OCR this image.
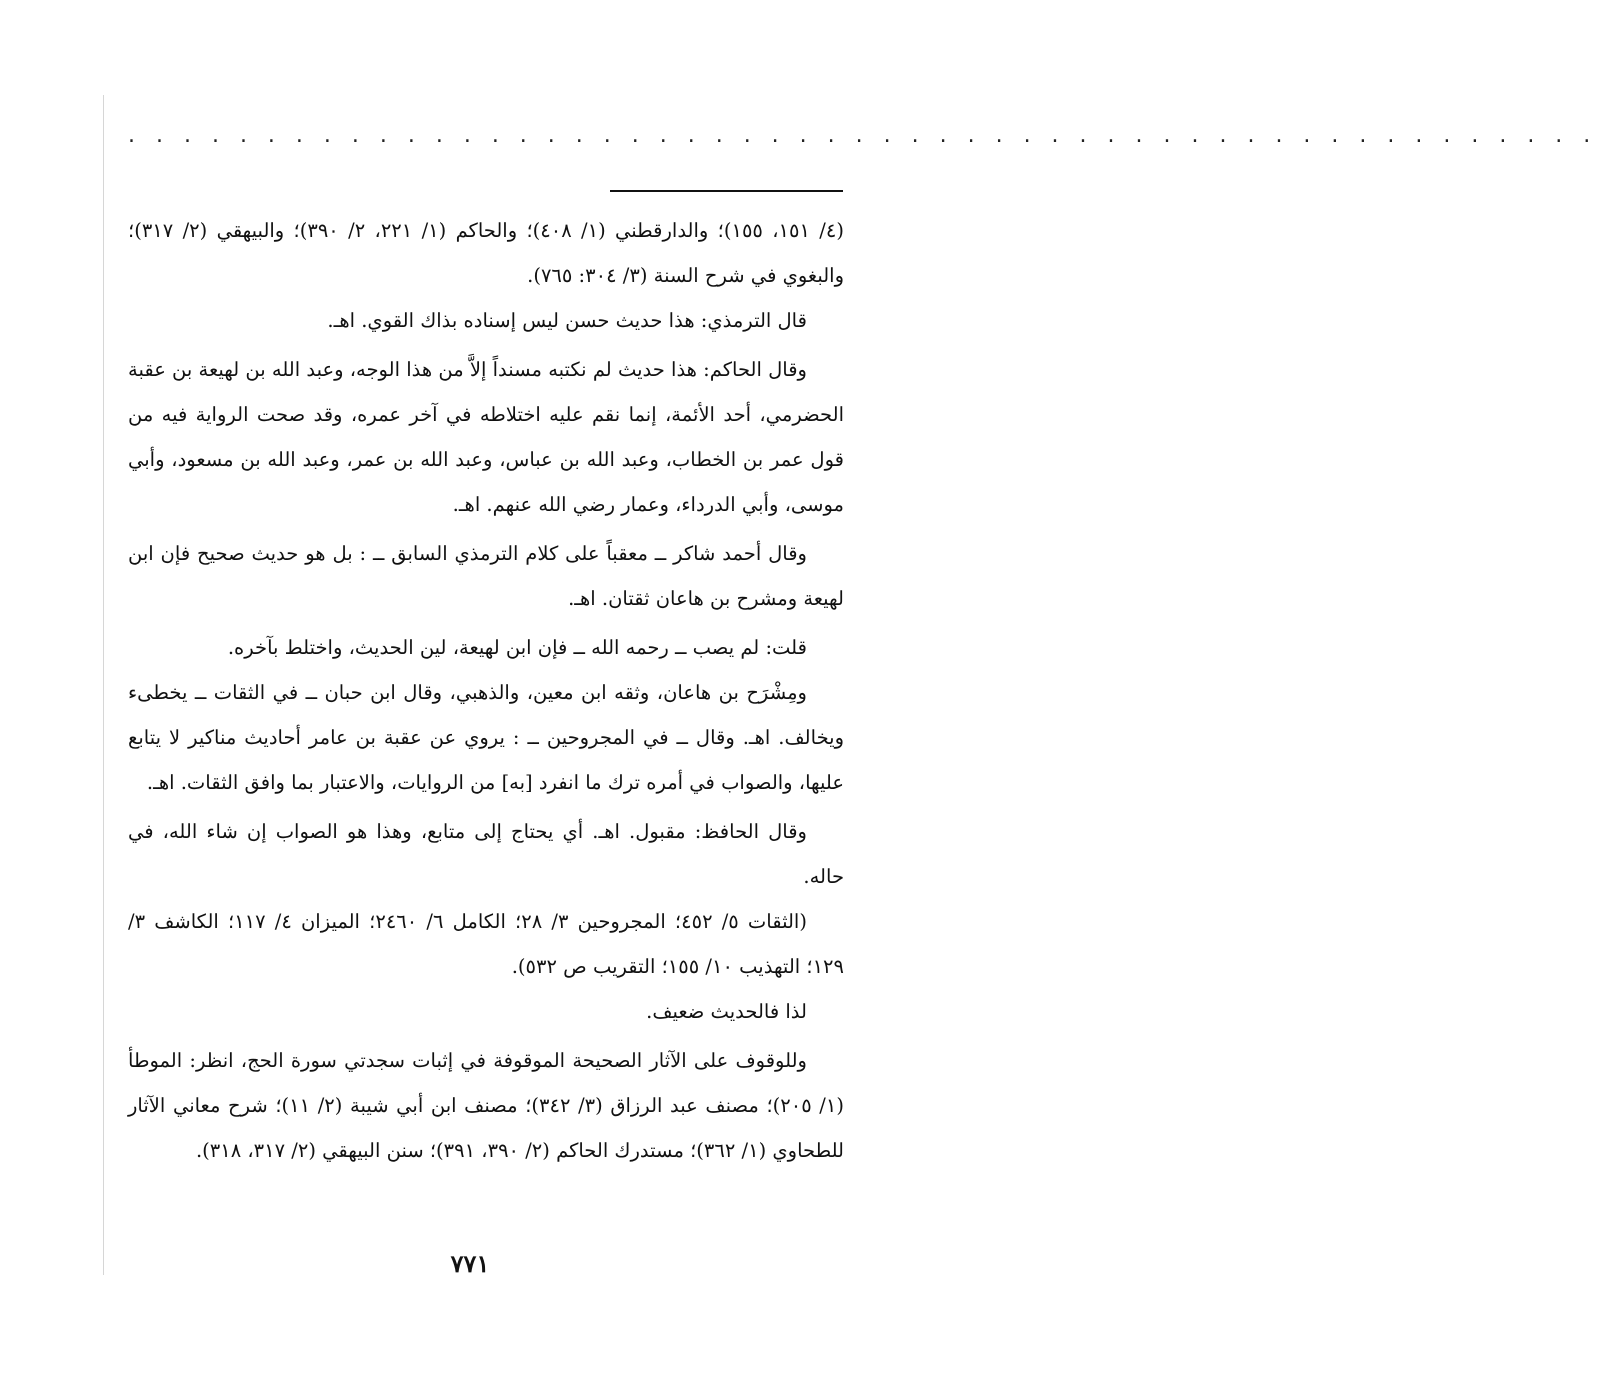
. . . . . . . . . . . . . . . . . . . . . . . . . . . . . . . . . . . . . . . . . . . . . . . . . . . . .

(٤/ ١٥١، ١٥٥)؛ والدارقطني (١/ ٤٠٨)؛ والحاكم (١/ ٢٢١، ٢/ ٣٩٠)؛ والبيهقي (٢/ ٣١٧)؛ والبغوي في شرح السنة (٣/ ٣٠٤: ٧٦٥).

قال الترمذي: هذا حديث حسن ليس إسناده بذاك القوي. اهـ.

وقال الحاكم: هذا حديث لم نكتبه مسنداً إلاَّ من هذا الوجه، وعبد الله بن لهيعة بن عقبة الحضرمي، أحد الأئمة، إنما نقم عليه اختلاطه في آخر عمره، وقد صحت الرواية فيه من قول عمر بن الخطاب، وعبد الله بن عباس، وعبد الله بن عمر، وعبد الله بن مسعود، وأبي موسى، وأبي الدرداء، وعمار رضي الله عنهم. اهـ.

وقال أحمد شاكر ــ معقباً على كلام الترمذي السابق ــ : بل هو حديث صحيح فإن ابن لهيعة ومشرح بن هاعان ثقتان. اهـ.

قلت: لم يصب ــ رحمه الله ــ فإن ابن لهيعة، لين الحديث، واختلط بآخره.

ومِشْرَح بن هاعان، وثقه ابن معين، والذهبي، وقال ابن حبان ــ في الثقات ــ يخطىء ويخالف. اهـ. وقال ــ في المجروحين ــ : يروي عن عقبة بن عامر أحاديث مناكير لا يتابع عليها، والصواب في أمره ترك ما انفرد [به] من الروايات، والاعتبار بما وافق الثقات. اهـ.

وقال الحافظ: مقبول. اهـ. أي يحتاج إلى متابع، وهذا هو الصواب إن شاء الله، في حاله.

(الثقات ٥/ ٤٥٢؛ المجروحين ٣/ ٢٨؛ الكامل ٦/ ٢٤٦٠؛ الميزان ٤/ ١١٧؛ الكاشف ٣/ ١٢٩؛ التهذيب ١٠/ ١٥٥؛ التقريب ص ٥٣٢).

لذا فالحديث ضعيف.

وللوقوف على الآثار الصحيحة الموقوفة في إثبات سجدتي سورة الحج، انظر: الموطأ (١/ ٢٠٥)؛ مصنف عبد الرزاق (٣/ ٣٤٢)؛ مصنف ابن أبي شيبة (٢/ ١١)؛ شرح معاني الآثار للطحاوي (١/ ٣٦٢)؛ مستدرك الحاكم (٢/ ٣٩٠، ٣٩١)؛ سنن البيهقي (٢/ ٣١٧، ٣١٨).

٧٧١
